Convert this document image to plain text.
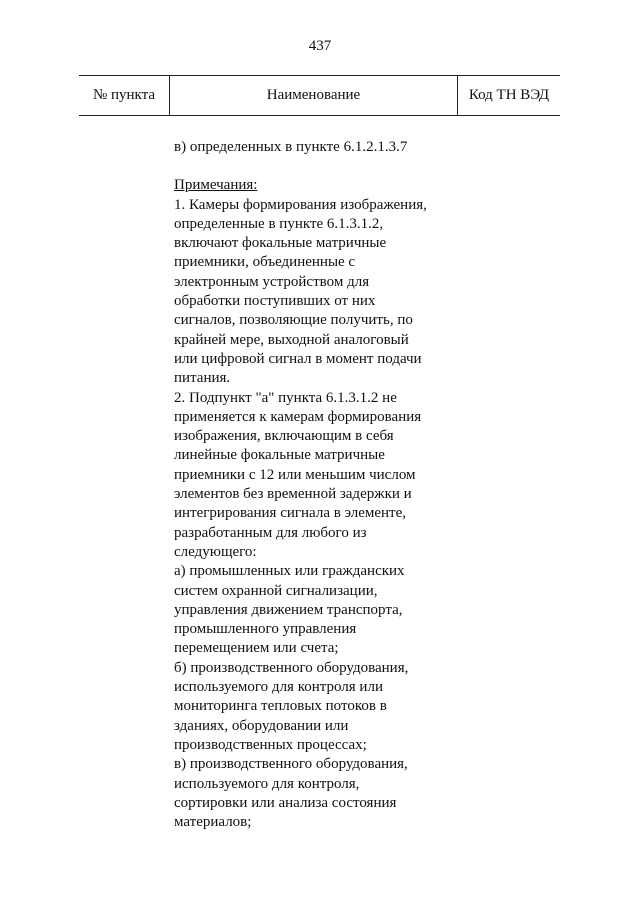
437
№ пункта	Наименование	Код ТН ВЭД

в) определенных в пункте 6.1.2.1.3.7

Примечания:

1. Камеры формирования изображения,
определенные в пункте 6.1.3.1.2,
включают фокальные матричные
приемники, объединенные с
электронным устройством для
обработки поступивших от них
сигналов, позволяющие получить, по
крайней мере, выходной аналоговый
или цифровой сигнал в момент подачи
питания.

2. Подпункт "а" пункта 6.1.3.1.2 не
применяется к камерам формирования
изображения, включающим в себя
линейные фокальные матричные
приемники с 12 или меньшим числом
элементов без временной задержки и
интегрирования сигнала в элементе,
разработанным для любого из
следующего:

а) промышленных или гражданских
систем охранной сигнализации,
управления движением транспорта,
промышленного управления
перемещением или счета;

б) производственного оборудования,
используемого для контроля или
мониторинга тепловых потоков в
зданиях, оборудовании или
производственных процессах;

в) производственного оборудования,
используемого для контроля,
сортировки или анализа состояния
материалов;
